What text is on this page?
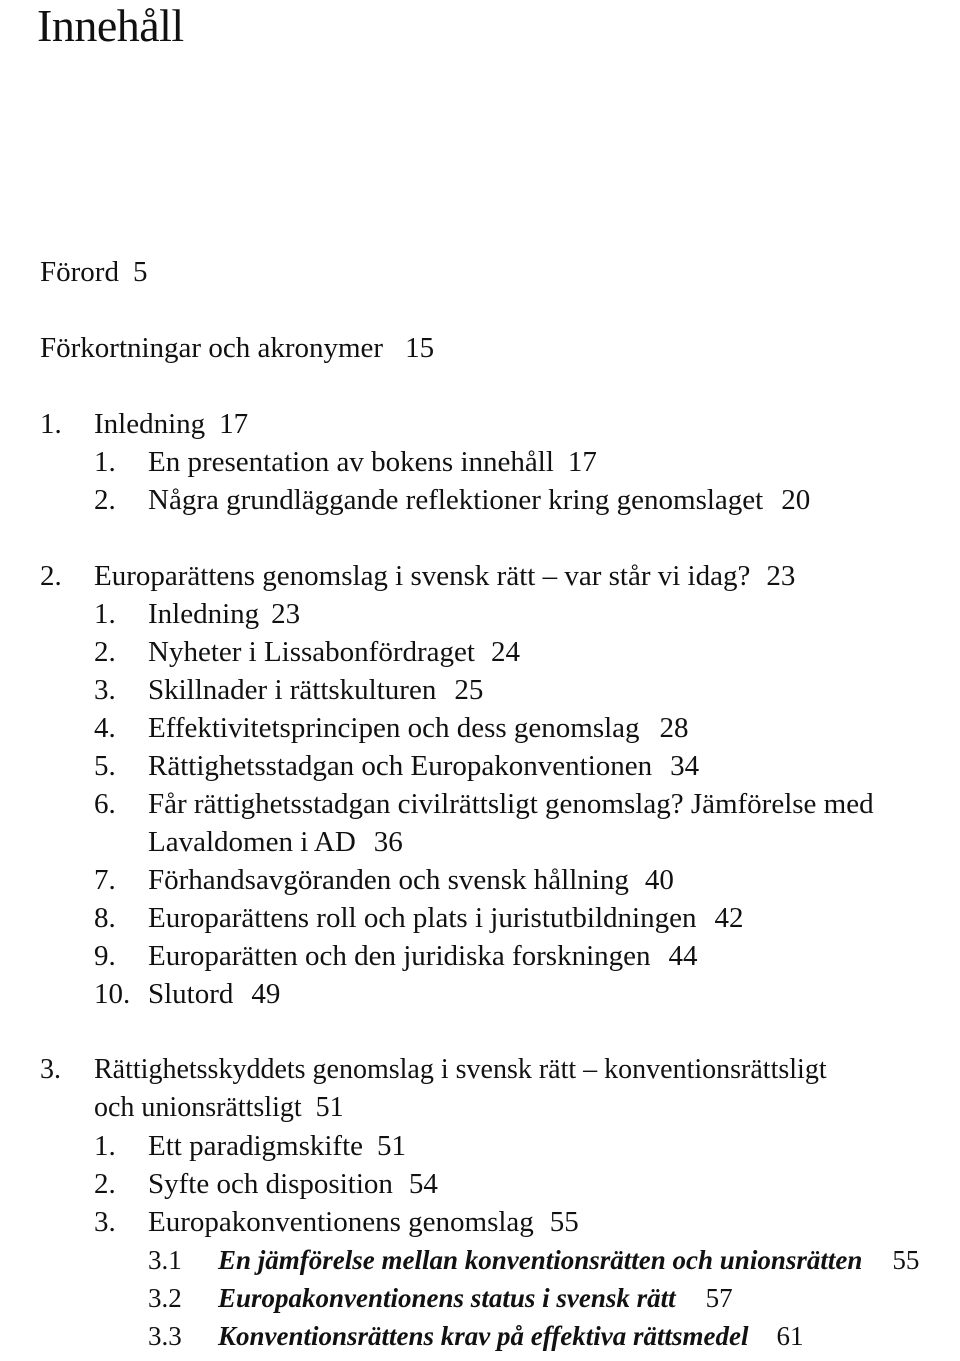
Innehåll
Förord 5
Förkortningar och akronymer 15
1. Inledning 17
1. En presentation av bokens innehåll 17
2. Några grundläggande reflektioner kring genomslaget 20
2. Europarättens genomslag i svensk rätt – var står vi idag? 23
1. Inledning 23
2. Nyheter i Lissabonfördraget 24
3. Skillnader i rättskulturen 25
4. Effektivitetsprincipen och dess genomslag 28
5. Rättighetsstadgan och Europakonventionen 34
6. Får rättighetsstadgan civilrättsligt genomslag? Jämförelse med
Lavaldomen i AD 36
7. Förhandsavgöranden och svensk hållning 40
8. Europarättens roll och plats i juristutbildningen 42
9. Europarätten och den juridiska forskningen 44
10. Slutord 49
3. Rättighetsskyddets genomslag i svensk rätt – konventionsrättsligt
och unionsrättsligt 51
1. Ett paradigmskifte 51
2. Syfte och disposition 54
3. Europakonventionens genomslag 55
3.1 En jämförelse mellan konventionsrätten och unionsrätten 55
3.2 Europakonventionens status i svensk rätt 57
3.3 Konventionsrättens krav på effektiva rättsmedel 61
